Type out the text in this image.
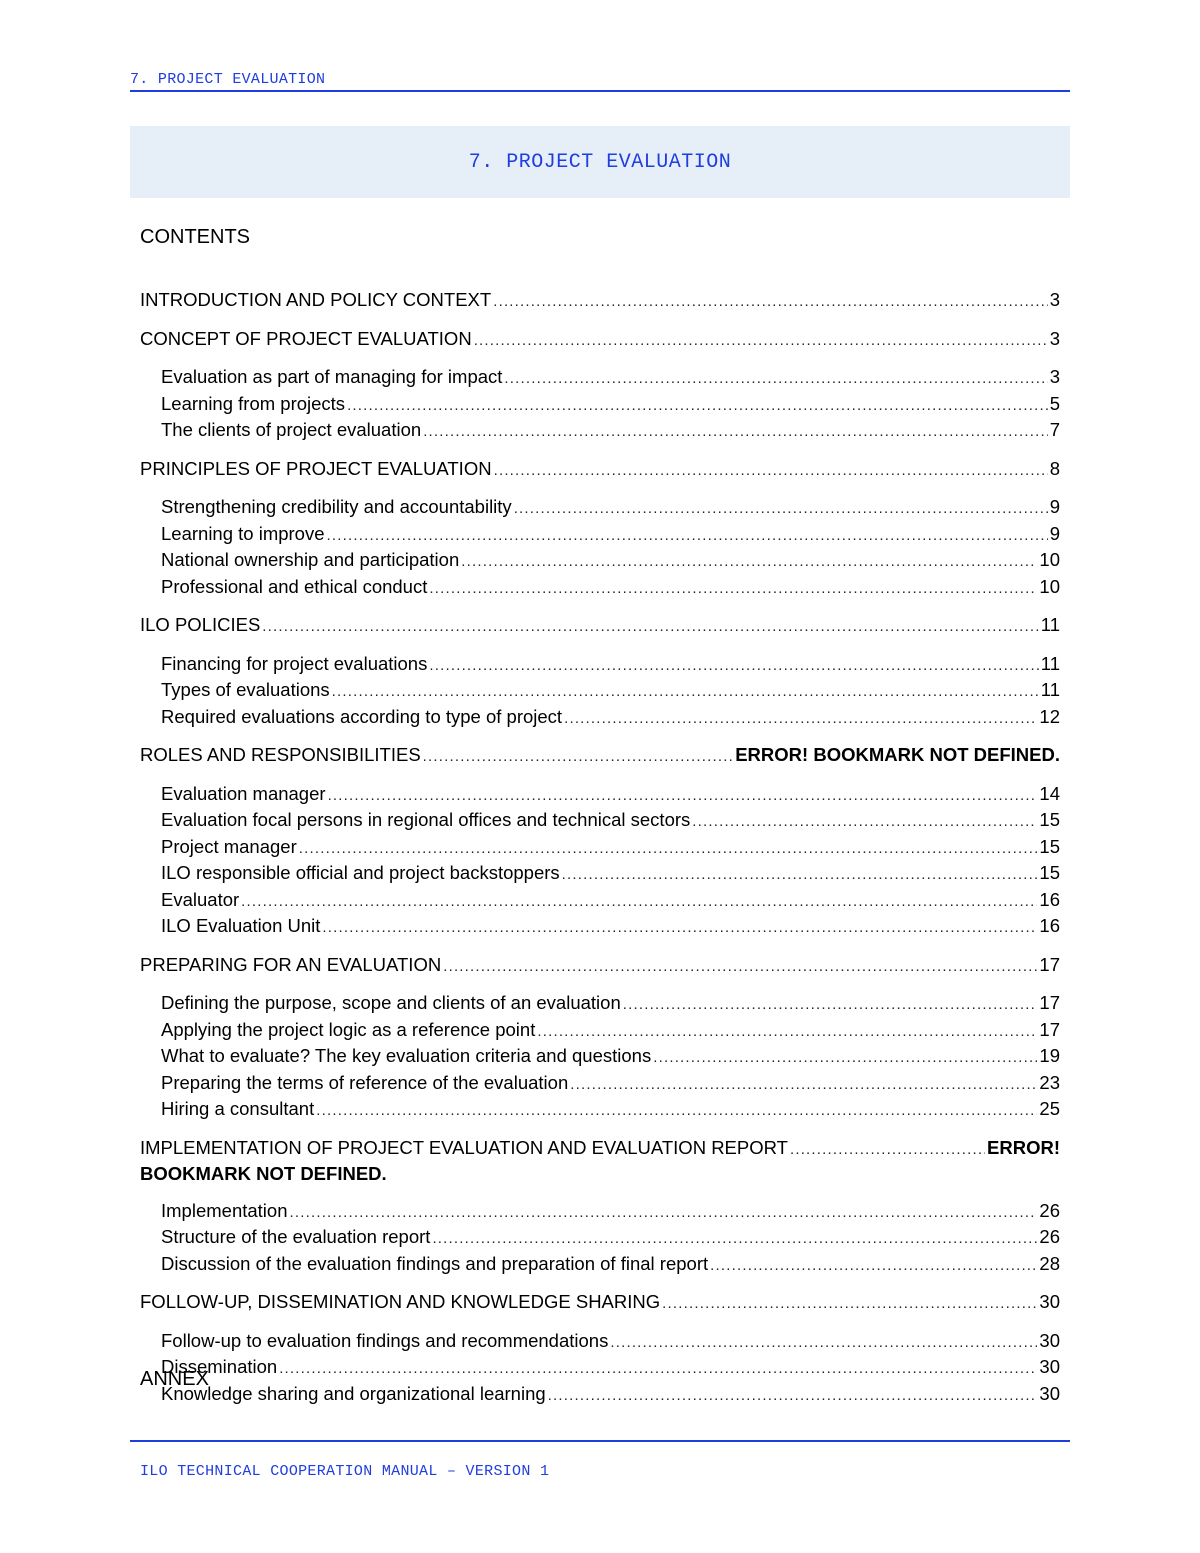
7. PROJECT EVALUATION
7. PROJECT EVALUATION
CONTENTS
INTRODUCTION AND POLICY CONTEXT .....	3
CONCEPT OF PROJECT EVALUATION .....	3
Evaluation as part of managing for impact .....	3
Learning from projects .....	5
The clients of project evaluation .....	7
PRINCIPLES OF PROJECT EVALUATION .....	8
Strengthening credibility and accountability .....	9
Learning to improve .....	9
National ownership and participation .....	10
Professional and ethical conduct .....	10
ILO POLICIES .....	11
Financing for project evaluations .....	11
Types of evaluations .....	11
Required evaluations according to type of project .....	12
ROLES AND RESPONSIBILITIES .....	ERROR! BOOKMARK NOT DEFINED.
Evaluation manager .....	14
Evaluation focal persons in regional offices and technical sectors .....	15
Project manager .....	15
ILO responsible official and project backstoppers .....	15
Evaluator .....	16
ILO Evaluation Unit .....	16
PREPARING FOR AN EVALUATION .....	17
Defining the purpose, scope and clients of an evaluation .....	17
Applying the project logic as a reference point .....	17
What to evaluate? The key evaluation criteria and questions .....	19
Preparing the terms of reference of the evaluation .....	23
Hiring a consultant .....	25
IMPLEMENTATION OF PROJECT EVALUATION AND EVALUATION REPORT .....	ERROR!
BOOKMARK NOT DEFINED.
Implementation .....	26
Structure of the evaluation report .....	26
Discussion of the evaluation findings and preparation of final report .....	28
FOLLOW-UP, DISSEMINATION AND KNOWLEDGE SHARING .....	30
Follow-up to evaluation findings and recommendations .....	30
Dissemination .....	30
Knowledge sharing and organizational learning .....	30
ANNEX
ILO TECHNICAL COOPERATION MANUAL – VERSION 1
